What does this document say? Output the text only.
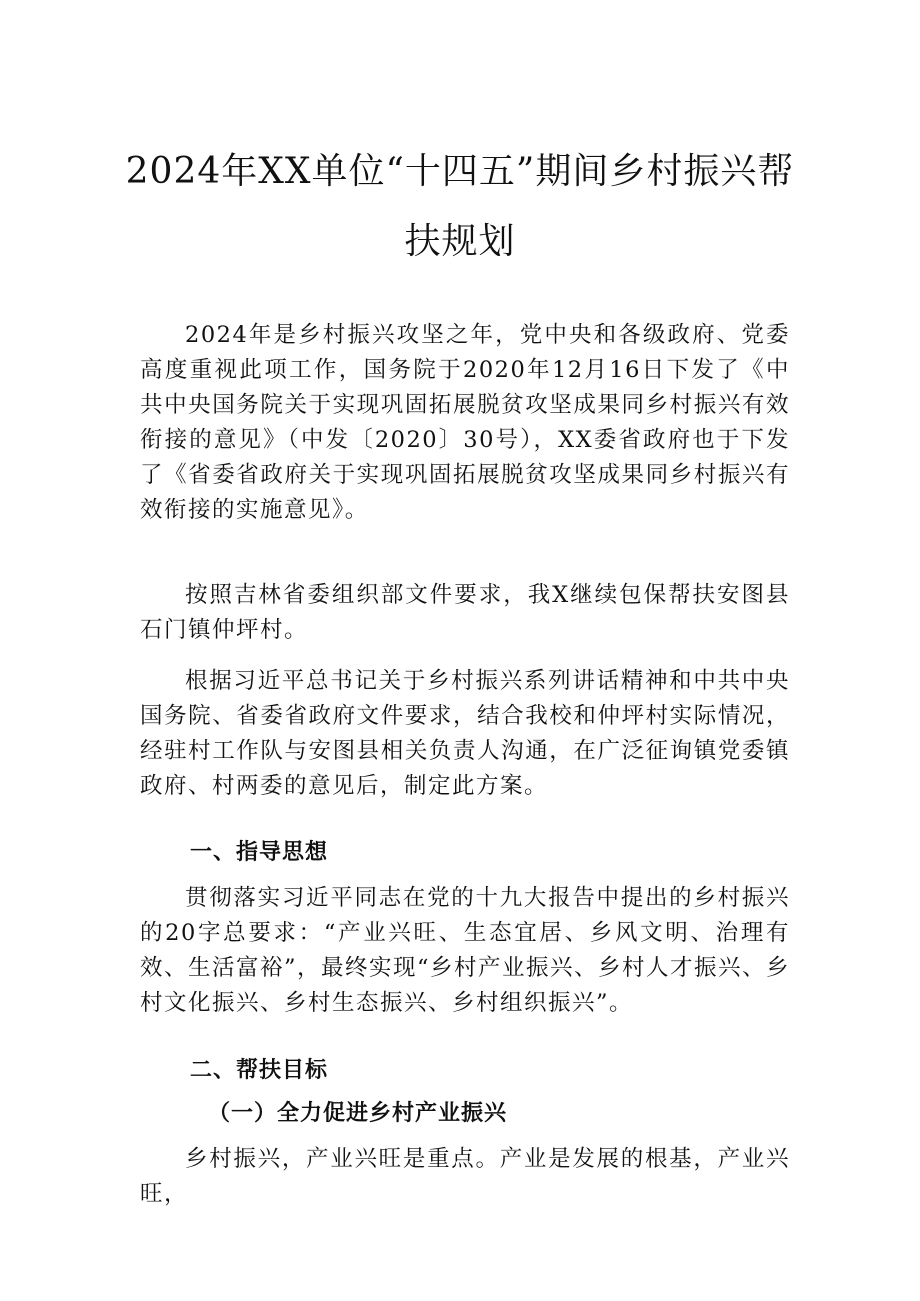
2024年XX单位“十四五”期间乡村振兴帮
扶规划

2024年是乡村振兴攻坚之年，党中央和各级政府、党委高度重视此项工作，国务院于2020年12月16日下发了《中共中央国务院关于实现巩固拓展脱贫攻坚成果同乡村振兴有效衔接的意见》（中发〔2020〕30号），XX委省政府也于下发了《省委省政府关于实现巩固拓展脱贫攻坚成果同乡村振兴有效衔接的实施意见》。

按照吉林省委组织部文件要求，我X继续包保帮扶安图县石门镇仲坪村。

根据习近平总书记关于乡村振兴系列讲话精神和中共中央国务院、省委省政府文件要求，结合我校和仲坪村实际情况，经驻村工作队与安图县相关负责人沟通，在广泛征询镇党委镇政府、村两委的意见后，制定此方案。

一、指导思想

贯彻落实习近平同志在党的十九大报告中提出的乡村振兴的20字总要求：“产业兴旺、生态宜居、乡风文明、治理有效、生活富裕”，最终实现“乡村产业振兴、乡村人才振兴、乡村文化振兴、乡村生态振兴、乡村组织振兴”。

二、帮扶目标
（一）全力促进乡村产业振兴

乡村振兴，产业兴旺是重点。产业是发展的根基，产业兴旺，
